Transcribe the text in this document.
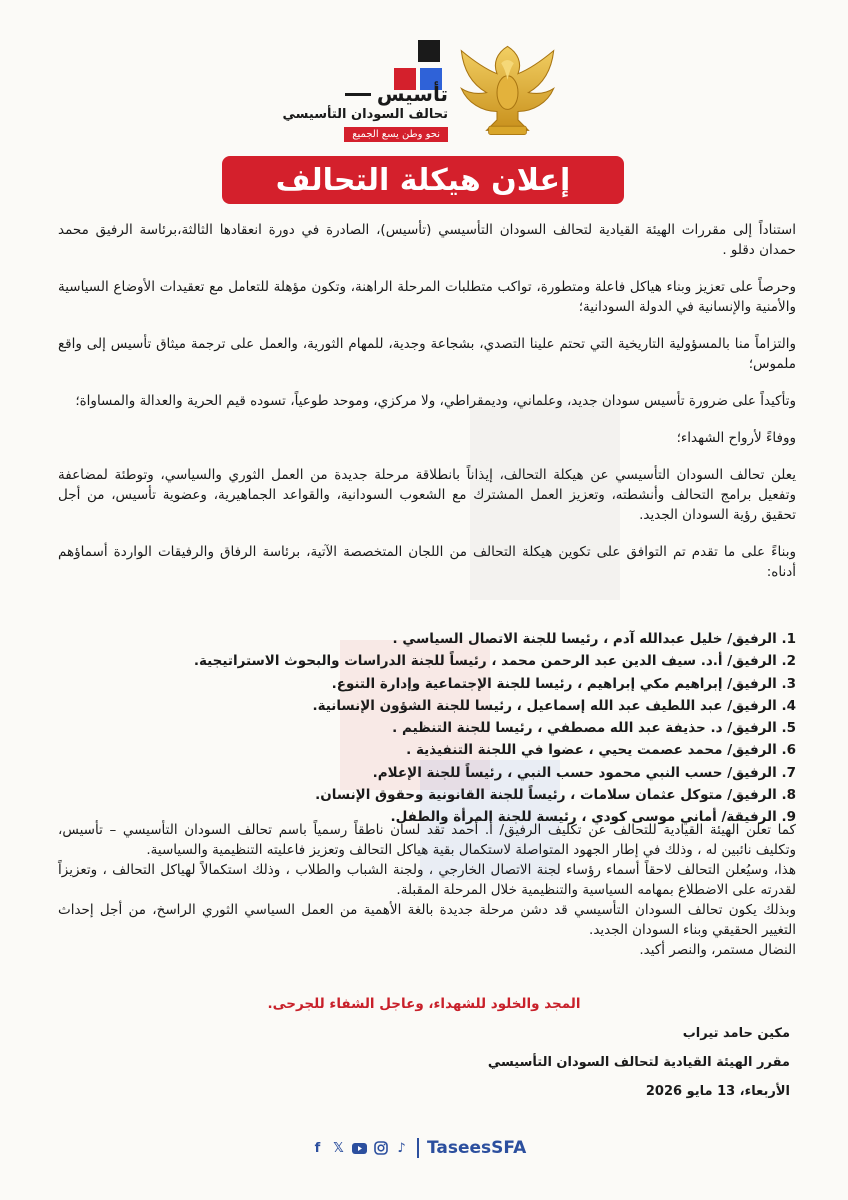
تأسيس
تحالف السودان التأسيسي
نحو وطن يسع الجميع
إعلان هيكلة التحالف

استناداً إلى مقررات الهيئة القيادية لتحالف السودان التأسيسي (تأسيس)، الصادرة في دورة انعقادها الثالثة،برئاسة الرفيق محمد حمدان دقلو .

وحرصاً على تعزيز وبناء هياكل فاعلة ومتطورة، تواكب متطلبات المرحلة الراهنة، وتكون مؤهلة للتعامل مع تعقيدات الأوضاع السياسية والأمنية والإنسانية في الدولة السودانية؛

والتزاماً منا بالمسؤولية التاريخية التي تحتم علينا التصدي، بشجاعة وجدية، للمهام الثورية، والعمل على ترجمة ميثاق تأسيس إلى واقع ملموس؛

وتأكيداً على ضرورة تأسيس سودان جديد، وعلماني، وديمقراطي، ولا مركزي، وموحد طوعياً، تسوده قيم الحرية والعدالة والمساواة؛

ووفاءً لأرواح الشهداء؛

يعلن تحالف السودان التأسيسي عن هيكلة التحالف، إيذاناً بانطلاقة مرحلة جديدة من العمل الثوري والسياسي، وتوطئة لمضاعفة وتفعيل برامج التحالف وأنشطته، وتعزيز العمل المشترك مع الشعوب السودانية، والقواعد الجماهيرية، وعضوية تأسيس، من أجل تحقيق رؤية السودان الجديد.

وبناءً على ما تقدم تم التوافق على تكوين هيكلة التحالف من اللجان المتخصصة الآتية، برئاسة الرفاق والرفيقات الواردة أسماؤهم أدناه:

1. الرفيق/ خليل عبدالله آدم ، رئيسا للجنة الاتصال السياسي .
2. الرفيق/ أ.د. سيف الدين عبد الرحمن محمد ، رئيساً للجنة الدراسات والبحوث الاستراتيجية.
3. الرفيق/ إبراهيم مكي إبراهيم ، رئيسا للجنة الإجتماعية وإدارة التنوع.
4. الرفيق/ عبد اللطيف عبد الله إسماعيل ، رئيسا للجنة الشؤون الإنسانية.
5. الرفيق/ د. حذيفة عبد الله مصطفي ، رئيسا للجنة التنظيم .
6. الرفيق/ محمد عصمت يحيي ، عضوا في اللجنة التنفيذية .
7. الرفيق/ حسب النبي محمود حسب النبي ، رئيساً للجنة الإعلام.
8. الرفيق/ متوكل عثمان سلامات ، رئيساً للجنة القانونية وحقوق الإنسان.
9. الرفيقة/ أماني موسى كودي ، رئيسة للجنة المرأة والطفل.

كما تعلن الهيئة القيادية للتحالف عن تكليف الرفيق/ أ. أحمد تقد لسان ناطقاً رسمياً باسم تحالف السودان التأسيسي – تأسيس، وتكليف نائبين له ، وذلك في إطار الجهود المتواصلة لاستكمال بقية هياكل التحالف وتعزيز فاعليته التنظيمية والسياسية.

هذا، وسيُعلن التحالف لاحقاً أسماء رؤساء لجنة الاتصال الخارجي ، ولجنة الشباب والطلاب ، وذلك استكمالاً لهياكل التحالف ، وتعزيزاً لقدرته على الاضطلاع بمهامه السياسية والتنظيمية خلال المرحلة المقبلة.

وبذلك يكون تحالف السودان التأسيسي قد دشن مرحلة جديدة بالغة الأهمية من العمل السياسي الثوري الراسخ، من أجل إحداث التغيير الحقيقي وبناء السودان الجديد.

النضال مستمر، والنصر أكيد.

المجد والخلود للشهداء، وعاجل الشفاء للجرحى.
مكين حامد تيراب
مقرر الهيئة القيادية لتحالف السودان التأسيسي
الأربعاء، 13 مايو 2026
f 𝕏	♪ TaseesSFA
